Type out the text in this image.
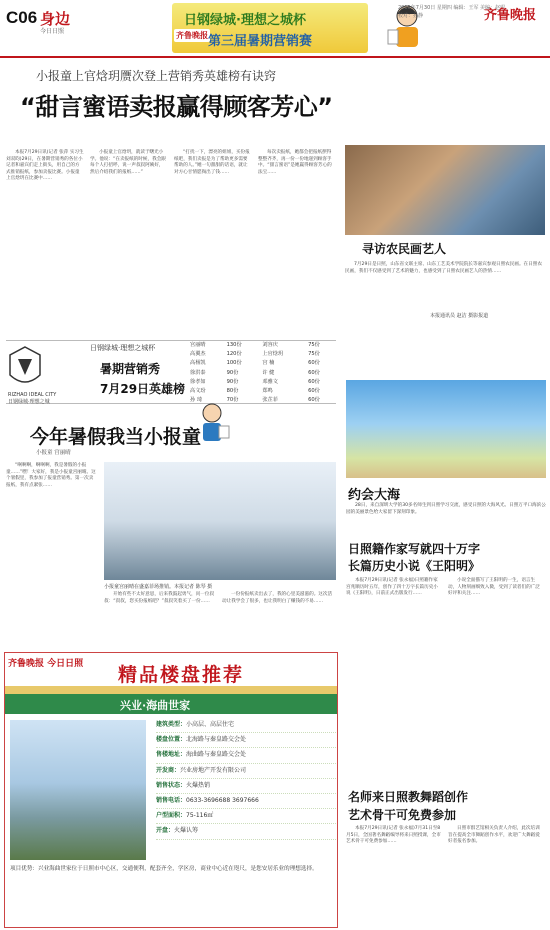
C06 身边
今日日照
日钢绿城·理想之城杯
齐鲁晚报 第三届暑期营销赛
2015年7月30日 星期四 编辑：王军 美编：赵琨 校对：孙静	齐鲁晚报
小报童上官焓玥赝次登上营销秀英雄榜有诀窍
“甜言蜜语卖报赢得顾客芳心”

本报7月29日讯(记者 张萍 实习生 刘双昀)29日，在暑期营销秀的各位小记者和嘉宾们走上街头，用自己的方式推销报纸，参加卖报比赛。小报童上官焓玥在比赛中……

小报童上官焓玥，就读于曙光小学。他说：“在卖报纸的时候，我会跟每个人打招呼，说一声叔叔阿姨好，然后介绍我们的报纸……”

“打扰一下，漂亮的姐姐，买份报纸吧，我们卖报是为了帮助更多需要帮助的人。”她一句甜甜的话语，就让对方心甘情愿掏出了钱……

每次卖报纸，她都会把报纸摆得整整齐齐，再一份一份地递到顾客手中。“甜言蜜语”是她赢得顾客芳心的法宝……

寻访农民画艺人

7月29日是日照，山东省文联主席、山东工艺美术学院院长等嘉宾参观日照农民画。在日照农民画，我们不仅感受到了艺术的魅力，也感受到了日照农民画艺人的热情……

本报通讯员 赵洁 摄影报道
RIZHAO IDEAL CITY
日钢绿城·理想之城
日钢绿城·理想之城杯
暑期营销秀
7月29日英雄榜
宫丽晴	130份	刘容庆	75份
高翼杰	120份	上官焓玥	75份
高杨凯	100份	宫 楠	60份
徐洪泰	90份	许 健	60份
徐孝如	90份	邓雅文	60份
高文玢	80份	郑鸣	60份
孙 琦	70份	张芷菲	60份
今年暑假我当小报童
小报童 宫丽晴

“啊啊啊，啊啊啊，我是暑假的小报童……”嘿！大家好，我是小报童宫丽晴。这个暑假里，我参加了报童营销秀。第一次卖报纸，我有点紧张……

小报童宫丽晴在盛嘉菲场推销。本报记者 陈琴 摄

开始有些不太好意思，后来我鼓起勇气，问一位叔叔：“叔叔，您买份报纸吧？”叔叔笑着买了一份……

一份份报纸卖出去了，我的心里美滋滋的。这次活动让我学会了很多，也让我明白了赚钱的不易……

齐鲁晚报 今日日照 精品楼盘推荐
兴业·海曲世家
建筑类型：小高层、高层住宅
楼盘位置：北海路与秦皇路交会处
售楼地址：海曲路与秦皇路交会处
开发商：兴业房地产开发有限公司
销售状态：火爆热销
销售电话：0633-3696688 3697666
户型面积：75-116㎡
开盘：火爆认筹
项目优势：兴业海曲世家位于日照市中心区，交通便利，配套齐全，学区房，商业中心近在咫尺，是您安居乐业的理想选择。
约会大海

28日，来自深圳大学的30多名师生到日照学习交流，感受日照的大海风光。日照万平口海滨公园的美丽景色给大家留下深刻印象。

日照籍作家写就四十万字
长篇历史小说《王阳明》

本报7月29日讯(记者 张永福)日照籍作家宫兆顺历时五年，创作了四十万字长篇历史小说《王阳明》，日前正式出版发行……

小说全面描写了王阳明的一生，语言生动，人物刻画细致入微，受到了读者们的广泛好评和关注……

名师来日照教舞蹈创作
艺术骨干可免费参加

本报7月29日讯(记者 张永福)7月31日至8月5日，全国著名舞蹈编导将来日照授课，全市艺术骨干可免费参加……

日照市群艺馆相关负责人介绍，此次培训旨在提高全市舞蹈创作水平，欢迎广大舞蹈爱好者报名参加。
